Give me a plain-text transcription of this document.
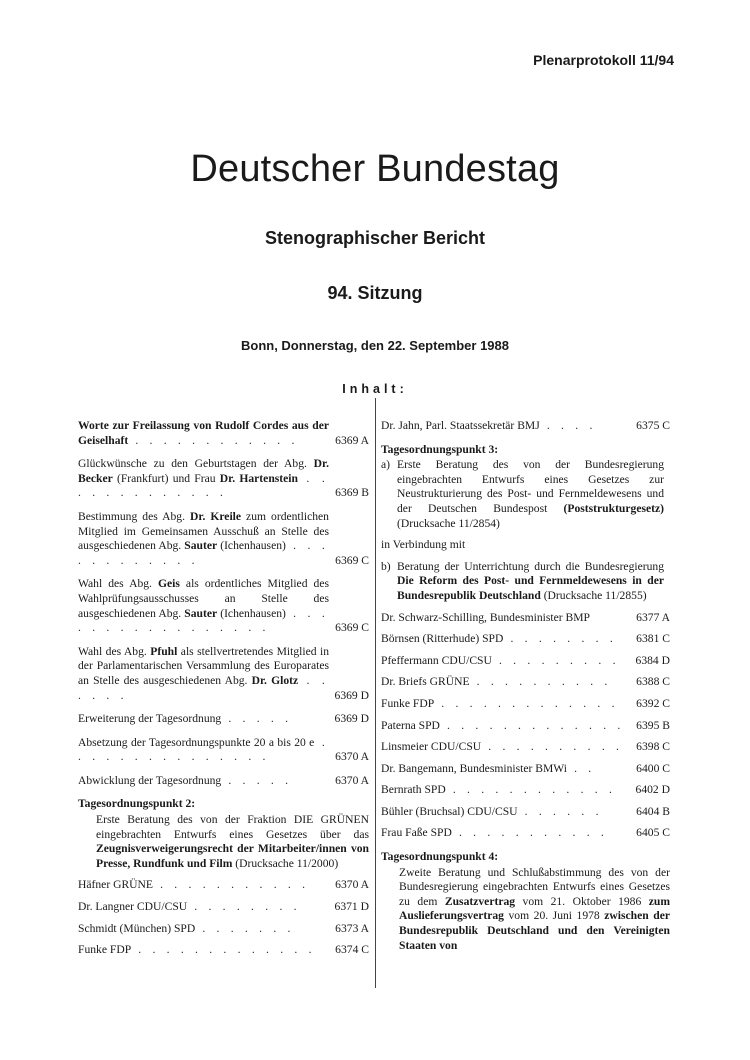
Plenarprotokoll 11/94
Deutscher Bundestag
Stenographischer Bericht
94. Sitzung
Bonn, Donnerstag, den 22. September 1988
Inhalt:
Worte zur Freilassung von Rudolf Cordes aus der Geiselhaft . . . . . . . . . . . .	6369 A
Glückwünsche zu den Geburtstagen der Abg. Dr. Becker (Frankfurt) und Frau Dr. Hartenstein . . . . . . . . . . . . .	6369 B
Bestimmung des Abg. Dr. Kreile zum ordentlichen Mitglied im Gemeinsamen Ausschuß an Stelle des ausgeschiedenen Abg. Sauter (Ichenhausen) . . . . . . . . . . . .	6369 C
Wahl des Abg. Geis als ordentliches Mitglied des Wahlprüfungsausschusses an Stelle des ausgeschiedenen Abg. Sauter (Ichenhausen) . . . . . . . . . . . . . . . . .	6369 C
Wahl des Abg. Pfuhl als stellvertretendes Mitglied in der Parlamentarischen Versammlung des Europarates an Stelle des ausgeschiedenen Abg. Dr. Glotz . . . . . .	6369 D
Erweiterung der Tagesordnung . . . . .	6369 D
Absetzung der Tagesordnungspunkte 20 a bis 20 e . . . . . . . . . . . . . . .	6370 A
Abwicklung der Tagesordnung . . . . .	6370 A
Tagesordnungspunkt 2:
Erste Beratung des von der Fraktion DIE GRÜNEN eingebrachten Entwurfs eines Gesetzes über das Zeugnisverweigerungsrecht der Mitarbeiter/innen von Presse, Rundfunk und Film (Drucksache 11/2000)
Häfner GRÜNE . . . . . . . . . . .	6370 A
Dr. Langner CDU/CSU . . . . . . . .	6371 D
Schmidt (München) SPD . . . . . . .	6373 A
Funke FDP . . . . . . . . . . . . .	6374 C
Dr. Jahn, Parl. Staatssekretär BMJ . . . .	6375 C
Tagesordnungspunkt 3:
a) Erste Beratung des von der Bundesregierung eingebrachten Entwurfs eines Gesetzes zur Neustrukturierung des Post- und Fernmeldewesens und der Deutschen Bundespost (Poststrukturgesetz) (Drucksache 11/2854)
in Verbindung mit
b) Beratung der Unterrichtung durch die Bundesregierung Die Reform des Post- und Fernmeldewesens in der Bundesrepublik Deutschland (Drucksache 11/2855)
Dr. Schwarz-Schilling, Bundesminister BMP	6377 A
Börnsen (Ritterhude) SPD . . . . . . . .	6381 C
Pfeffermann CDU/CSU . . . . . . . . .	6384 D
Dr. Briefs GRÜNE . . . . . . . . . .	6388 C
Funke FDP . . . . . . . . . . . . .	6392 C
Paterna SPD . . . . . . . . . . . . .	6395 B
Linsmeier CDU/CSU . . . . . . . . . .	6398 C
Dr. Bangemann, Bundesminister BMWi . .	6400 C
Bernrath SPD . . . . . . . . . . . .	6402 D
Bühler (Bruchsal) CDU/CSU . . . . . .	6404 B
Frau Faße SPD . . . . . . . . . . .	6405 C
Tagesordnungspunkt 4:
Zweite Beratung und Schlußabstimmung des von der Bundesregierung eingebrachten Entwurfs eines Gesetzes zu dem Zusatzvertrag vom 21. Oktober 1986 zum Auslieferungsvertrag vom 20. Juni 1978 zwischen der Bundesrepublik Deutschland und den Vereinigten Staaten von
